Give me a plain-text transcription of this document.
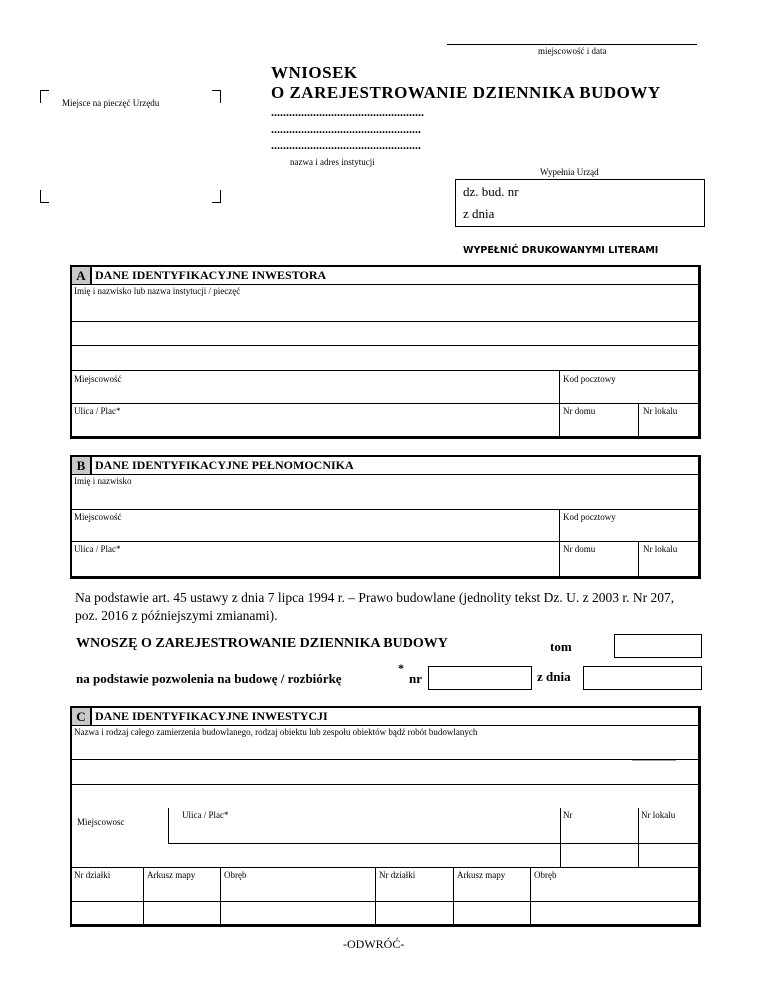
miejscowość i data
Miejsce na pieczęć Urzędu
WNIOSEK
O ZAREJESTROWANIE DZIENNIKA BUDOWY
...................................................
..................................................
..................................................
nazwa i adres instytucji
Wypełnia Urząd
dz. bud. nr
z dnia
WYPEŁNIĆ DRUKOWANYMI LITERAMI
A DANE IDENTYFIKACYJNE INWESTORA
Imię i nazwisko lub nazwa instytucji / pieczęć
Miejscowość	Kod pocztowy
Ulica / Plac*	Nr domu	Nr lokalu
B DANE IDENTYFIKACYJNE PEŁNOMOCNIKA
Imię i nazwisko
Miejscowość	Kod pocztowy
Ulica / Plac*	Nr domu	Nr lokalu
Na podstawie art. 45 ustawy z dnia 7 lipca 1994 r. – Prawo budowlane (jednolity tekst Dz. U. z 2003 r. Nr 207, poz. 2016 z późniejszymi zmianami).
WNOSZĘ O ZAREJESTROWANIE DZIENNIKA BUDOWY	tom
na podstawie pozwolenia na budowę / rozbiórkę
*
nr	z dnia
C DANE IDENTYFIKACYJNE INWESTYCJI
Nazwa i rodzaj całego zamierzenia budowlanego, rodzaj obiektu lub zespołu obiektów bądź robót budowlanych
......................
......................
Miejscowosc
Ulica / Plac*	Nr	Nr lokalu
Nr działki	Arkusz mapy	Obręb	Nr działki	Arkusz mapy	Obręb
-ODWRÓĆ-
